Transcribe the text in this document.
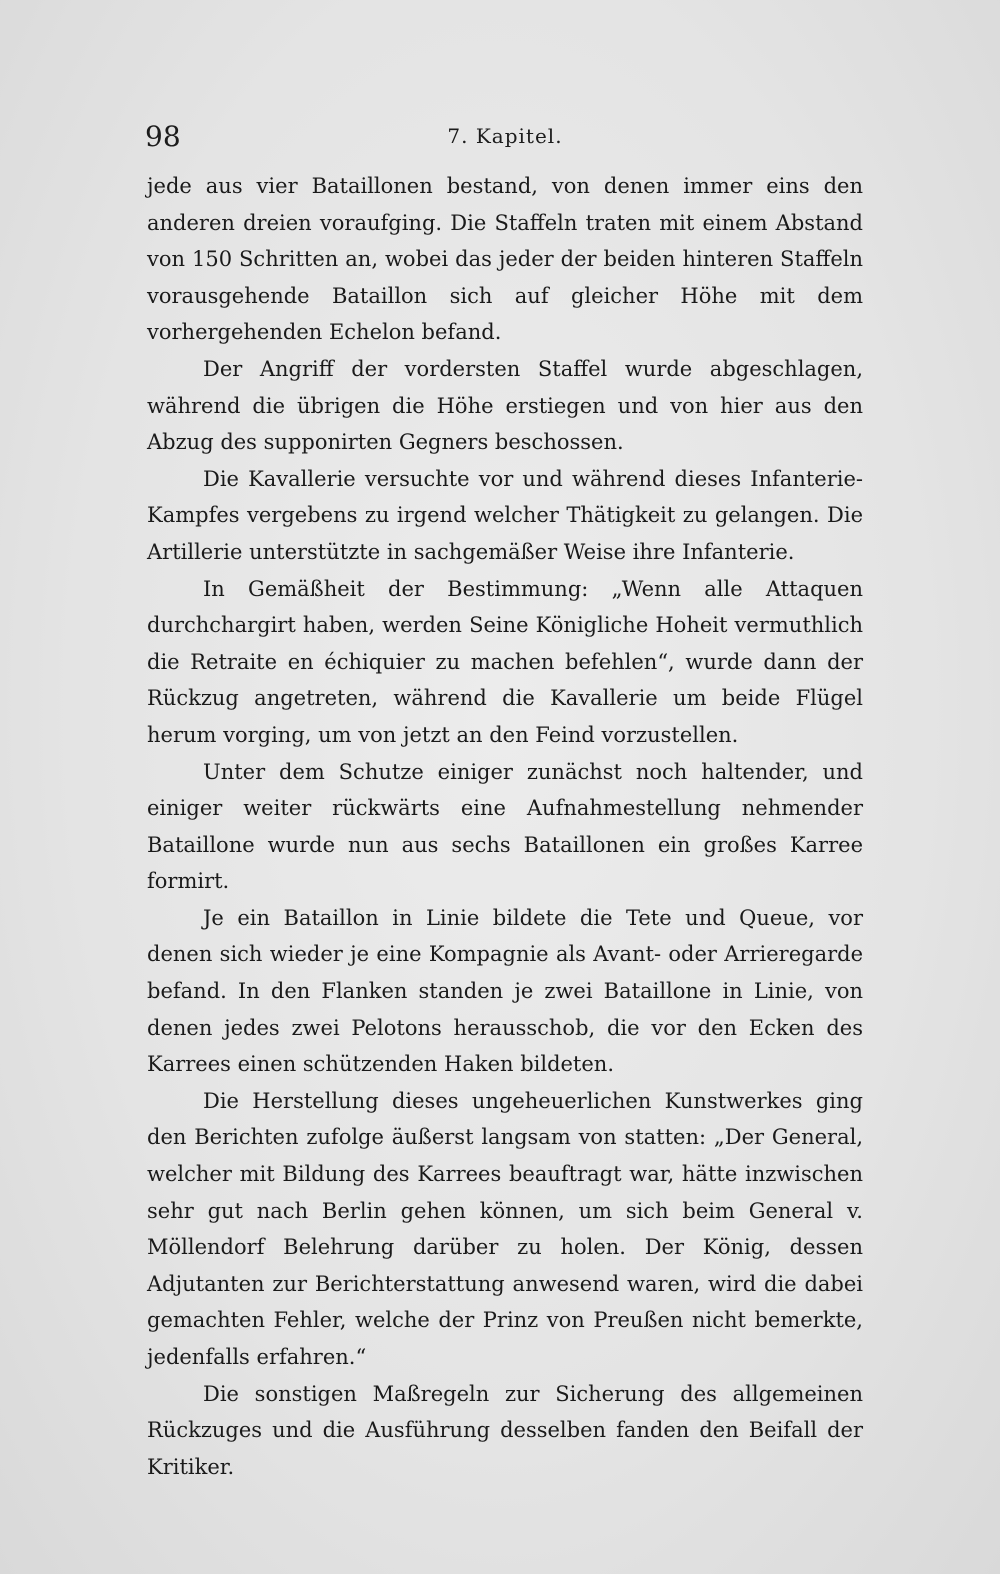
98	7. Kapitel.

jede aus vier Bataillonen bestand, von denen immer eins den anderen dreien voraufging. Die Staffeln traten mit einem Abstand von 150 Schritten an, wobei das jeder der beiden hinteren Staffeln vorausgehende Bataillon sich auf gleicher Höhe mit dem vorhergehenden Echelon befand.

Der Angriff der vordersten Staffel wurde abgeschlagen, während die übrigen die Höhe erstiegen und von hier aus den Abzug des supponirten Gegners beschossen.

Die Kavallerie versuchte vor und während dieses Infanterie-Kampfes vergebens zu irgend welcher Thätigkeit zu gelangen. Die Artillerie unterstützte in sachgemäßer Weise ihre Infanterie.

In Gemäßheit der Bestimmung: „Wenn alle Attaquen durchchargirt haben, werden Seine Königliche Hoheit vermuthlich die Retraite en échiquier zu machen befehlen“, wurde dann der Rückzug angetreten, während die Kavallerie um beide Flügel herum vorging, um von jetzt an den Feind vorzustellen.

Unter dem Schutze einiger zunächst noch haltender, und einiger weiter rückwärts eine Aufnahmestellung nehmender Bataillone wurde nun aus sechs Bataillonen ein großes Karree formirt.

Je ein Bataillon in Linie bildete die Tete und Queue, vor denen sich wieder je eine Kompagnie als Avant- oder Arrieregarde befand. In den Flanken standen je zwei Bataillone in Linie, von denen jedes zwei Pelotons herausschob, die vor den Ecken des Karrees einen schützenden Haken bildeten.

Die Herstellung dieses ungeheuerlichen Kunstwerkes ging den Berichten zufolge äußerst langsam von statten: „Der General, welcher mit Bildung des Karrees beauftragt war, hätte inzwischen sehr gut nach Berlin gehen können, um sich beim General v. Möllendorf Belehrung darüber zu holen. Der König, dessen Adjutanten zur Berichterstattung anwesend waren, wird die dabei gemachten Fehler, welche der Prinz von Preußen nicht bemerkte, jedenfalls erfahren.“

Die sonstigen Maßregeln zur Sicherung des allgemeinen Rückzuges und die Ausführung desselben fanden den Beifall der Kritiker.
